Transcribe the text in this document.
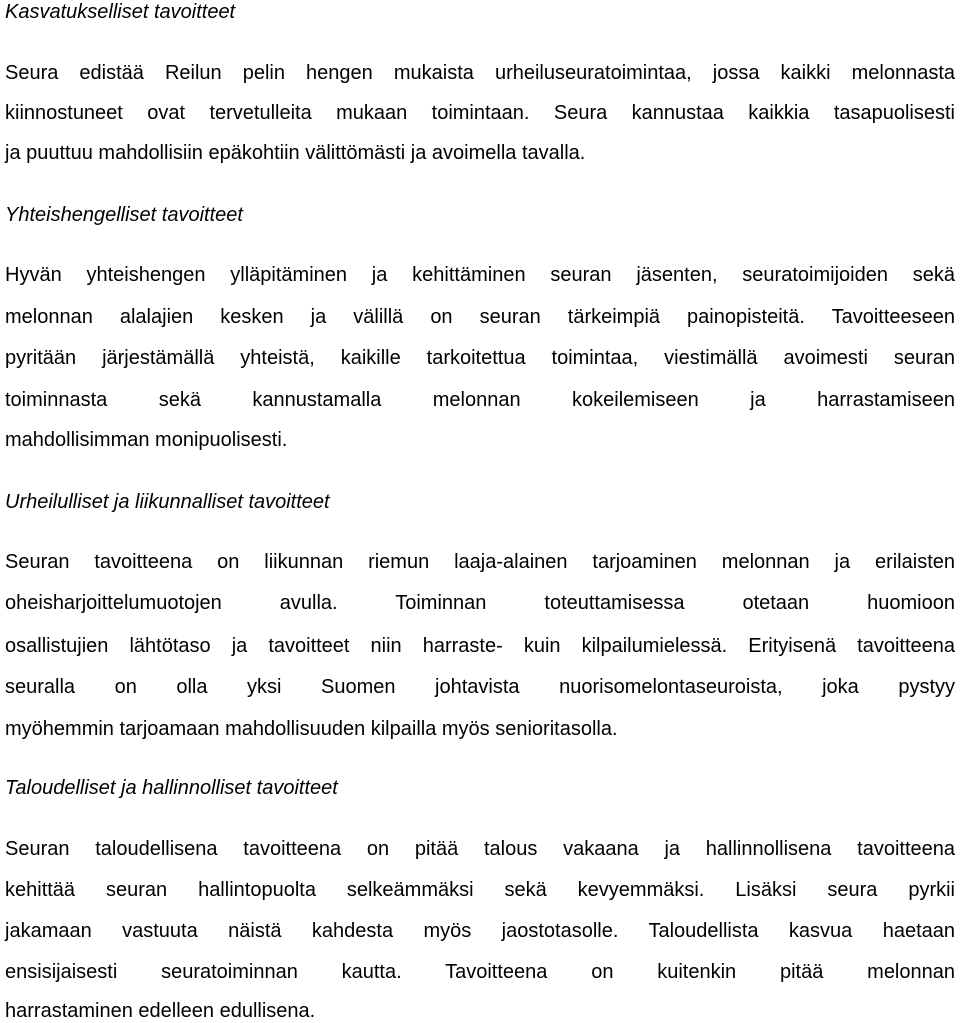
Kasvatukselliset tavoitteet
Seura edistää Reilun pelin hengen mukaista urheiluseuratoimintaa, jossa kaikki melonnasta
kiinnostuneet ovat tervetulleita mukaan toimintaan. Seura kannustaa kaikkia tasapuolisesti
ja puuttuu mahdollisiin epäkohtiin välittömästi ja avoimella tavalla.
Yhteishengelliset tavoitteet
Hyvän yhteishengen ylläpitäminen ja kehittäminen seuran jäsenten, seuratoimijoiden sekä
melonnan alalajien kesken ja välillä on seuran tärkeimpiä painopisteitä. Tavoitteeseen
pyritään järjestämällä yhteistä, kaikille tarkoitettua toimintaa, viestimällä avoimesti seuran
toiminnasta sekä kannustamalla melonnan kokeilemiseen ja harrastamiseen
mahdollisimman monipuolisesti.
Urheilulliset ja liikunnalliset tavoitteet
Seuran tavoitteena on liikunnan riemun laaja-alainen tarjoaminen melonnan ja erilaisten
oheisharjoittelumuotojen avulla. Toiminnan toteuttamisessa otetaan huomioon
osallistujien lähtötaso ja tavoitteet niin harraste- kuin kilpailumielessä. Erityisenä tavoitteena
seuralla on olla yksi Suomen johtavista nuorisomelontaseuroista, joka pystyy
myöhemmin tarjoamaan mahdollisuuden kilpailla myös senioritasolla.
Taloudelliset ja hallinnolliset tavoitteet
Seuran taloudellisena tavoitteena on pitää talous vakaana ja hallinnollisena tavoitteena
kehittää seuran hallintopuolta selkeämmäksi sekä kevyemmäksi. Lisäksi seura pyrkii
jakamaan vastuuta näistä kahdesta myös jaostotasolle. Taloudellista kasvua haetaan
ensisijaisesti seuratoiminnan kautta. Tavoitteena on kuitenkin pitää melonnan
harrastaminen edelleen edullisena.
